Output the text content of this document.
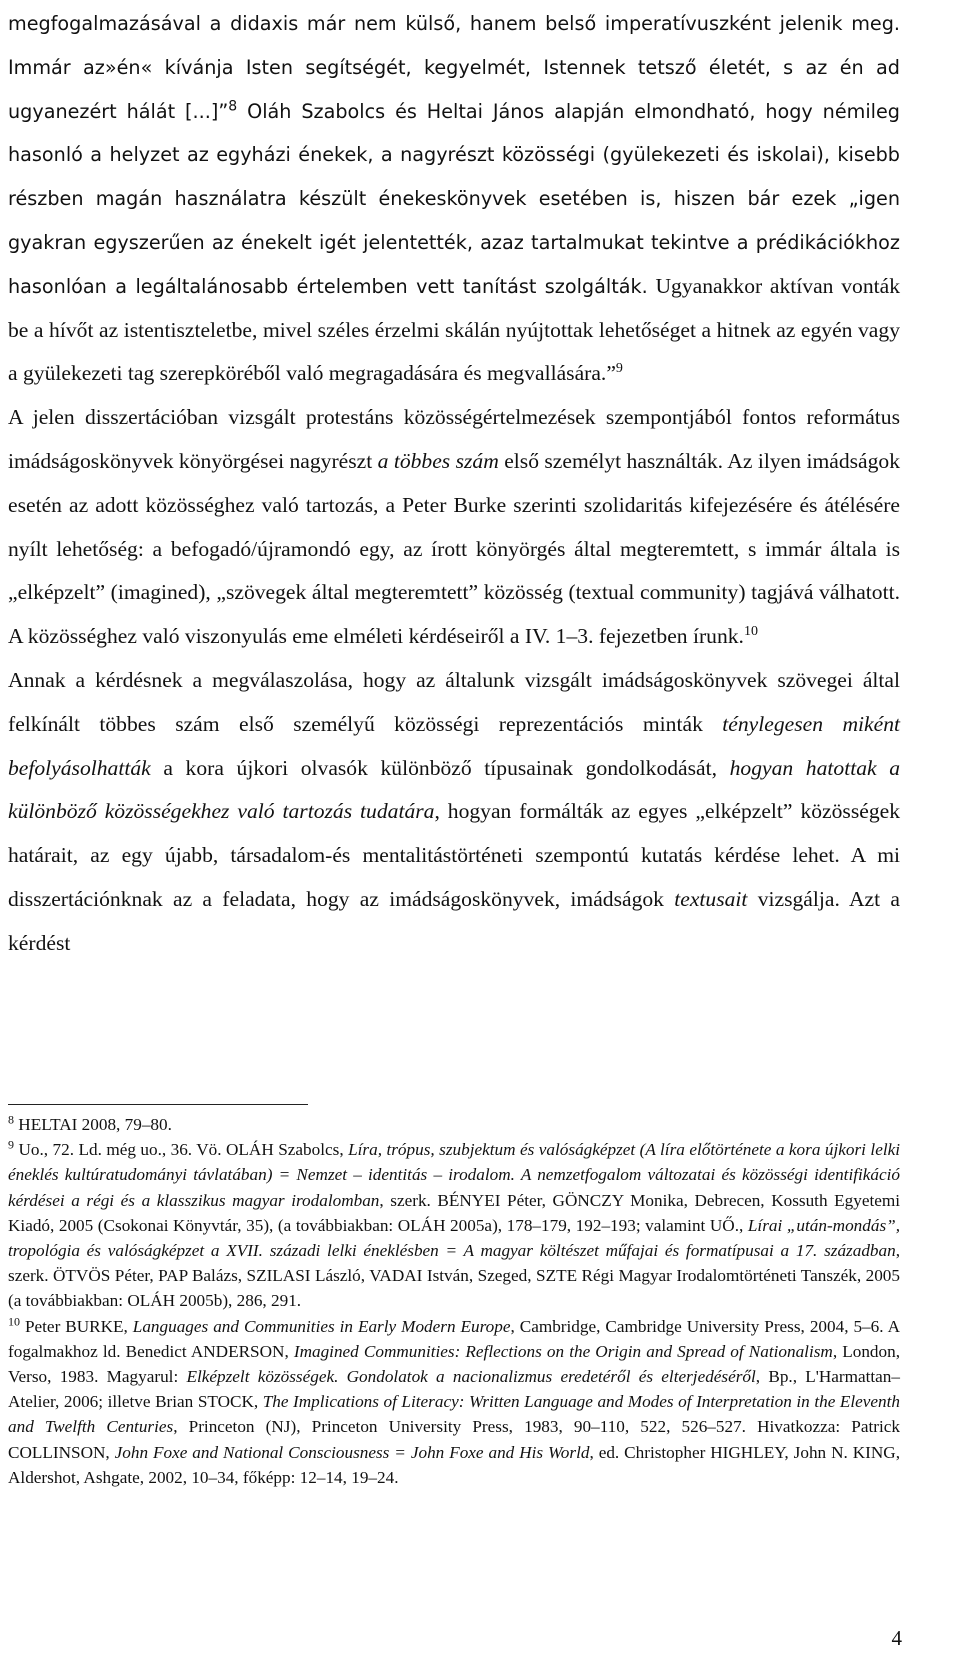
megfogalmazásával a didaxis már nem külső, hanem belső imperatívuszként jelenik meg. Immár az»én« kívánja Isten segítségét, kegyelmét, Istennek tetsző életét, s az én ad ugyanezért hálát [...]”$^8$ Oláh Szabolcs és Heltai János alapján elmondható, hogy némileg hasonló a helyzet az egyházi énekek, a nagyrészt közösségi (gyülekezeti és iskolai), kisebb részben magán használatra készült énekeskönyvek esetében is, hiszen bár ezek „igen gyakran egyszerűen az énekelt igét jelentették, azaz tartalmukat tekintve a prédikációkhoz hasonlóan a legáltalánosabb értelemben vett tanítást szolgálták. Ugyanakkor aktívan vonták be a hívőt az istentiszteletbe, mivel széles érzelmi skálán nyújtottak lehetőséget a hitnek az egyén vagy a gyülekezeti tag szerepköréből való megragadására és megvallására.”$^9$

A jelen disszertációban vizsgált protestáns közösségértelmezések szempontjából fontos református imádságoskönyvek könyörgései nagyrészt a többes szám első személyt használták. Az ilyen imádságok esetén az adott közösséghez való tartozás, a Peter Burke szerinti szolidaritás kifejezésére és átélésére nyílt lehetőség: a befogadó/újramondó egy, az írott könyörgés által megteremtett, s immár általa is „elképzelt” (imagined), „szövegek által megteremtett” közösség (textual community) tagjává válhatott. A közösséghez való viszonyulás eme elméleti kérdéseiről a IV. 1–3. fejezetben írunk.$^{10}$

Annak a kérdésnek a megválaszolása, hogy az általunk vizsgált imádságoskönyvek szövegei által felkínált többes szám első személyű közösségi reprezentációs minták ténylegesen miként befolyásolhatták a kora újkori olvasók különböző típusainak gondolkodását, hogyan hatottak a különböző közösségekhez való tartozás tudatára, hogyan formálták az egyes „elképzelt” közösségek határait, az egy újabb, társadalom-és mentalitástörténeti szempontú kutatás kérdése lehet. A mi disszertációnknak az a feladata, hogy az imádságoskönyvek, imádságok textusait vizsgálja. Azt a kérdést

$^8$ HELTAI 2008, 79–80.

$^9$ Uo., 72. Ld. még uo., 36. Vö. OLÁH Szabolcs, Líra, trópus, szubjektum és valóságképzet (A líra előtörténete a kora újkori lelki éneklés kultúratudományi távlatában) = Nemzet – identitás – irodalom. A nemzetfogalom változatai és közösségi identifikáció kérdései a régi és a klasszikus magyar irodalomban, szerk. BÉNYEI Péter, GÖNCZY Monika, Debrecen, Kossuth Egyetemi Kiadó, 2005 (Csokonai Könyvtár, 35), (a továbbiakban: OLÁH 2005a), 178–179, 192–193; valamint UŐ., Lírai „után-mondás”, tropológia és valóságképzet a XVII. századi lelki éneklésben = A magyar költészet műfajai és formatípusai a 17. században, szerk. ÖTVÖS Péter, PAP Balázs, SZILASI László, VADAI István, Szeged, SZTE Régi Magyar Irodalomtörténeti Tanszék, 2005 (a továbbiakban: OLÁH 2005b), 286, 291.

$^{10}$ Peter BURKE, Languages and Communities in Early Modern Europe, Cambridge, Cambridge University Press, 2004, 5–6. A fogalmakhoz ld. Benedict ANDERSON, Imagined Communities: Reflections on the Origin and Spread of Nationalism, London, Verso, 1983. Magyarul: Elképzelt közösségek. Gondolatok a nacionalizmus eredetéről és elterjedéséről, Bp., L'Harmattan–Atelier, 2006; illetve Brian STOCK, The Implications of Literacy: Written Language and Modes of Interpretation in the Eleventh and Twelfth Centuries, Princeton (NJ), Princeton University Press, 1983, 90–110, 522, 526–527. Hivatkozza: Patrick COLLINSON, John Foxe and National Consciousness = John Foxe and His World, ed. Christopher HIGHLEY, John N. KING, Aldershot, Ashgate, 2002, 10–34, főképp: 12–14, 19–24.

4
